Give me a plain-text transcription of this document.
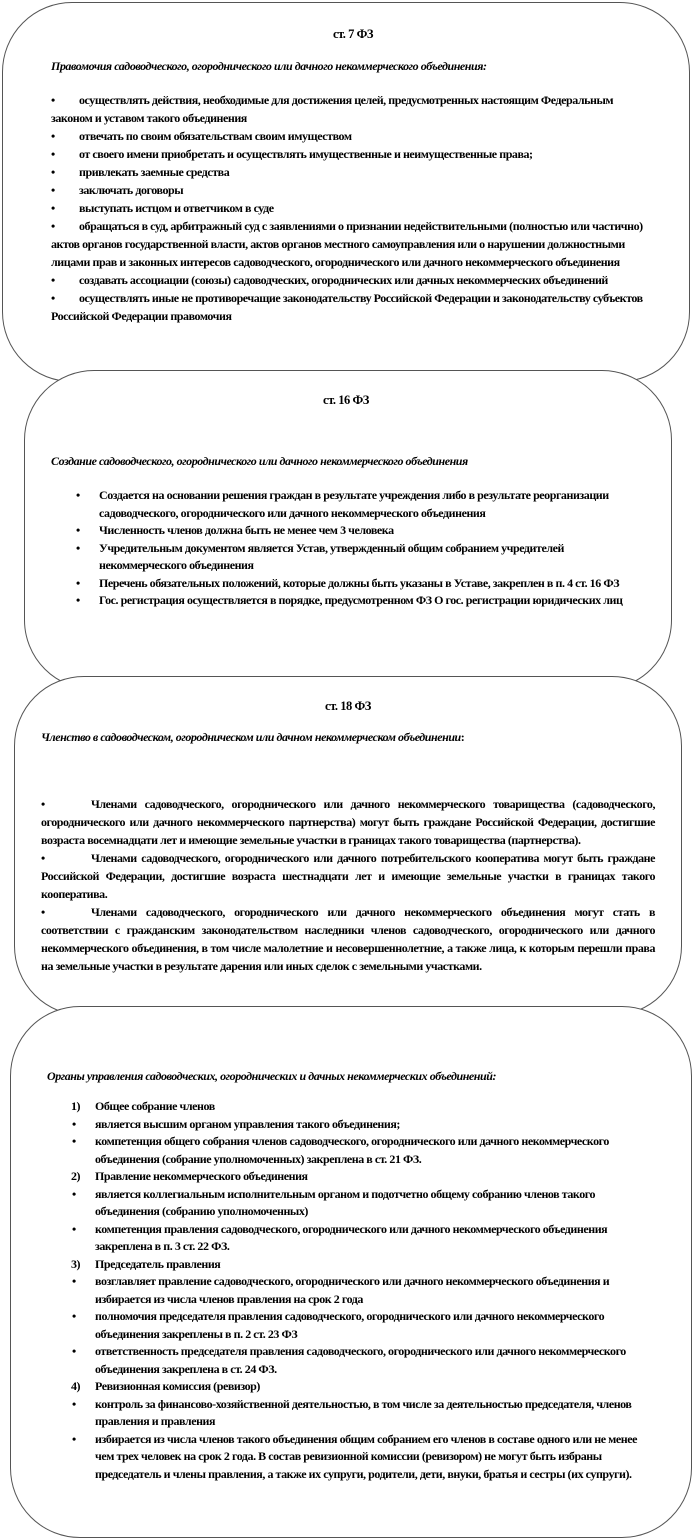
ст. 7 ФЗ

Правомочия садоводческого, огороднического или дачного некоммерческого объединения:

• осуществлять действия, необходимые для достижения целей, предусмотренных настоящим Федеральным законом и уставом такого объединения
• отвечать по своим обязательствам своим имуществом
• от своего имени приобретать и осуществлять имущественные и неимущественные права;
• привлекать заемные средства
• заключать договоры
• выступать истцом и ответчиком в суде
• обращаться в суд, арбитражный суд с заявлениями о признании недействительными (полностью или частично) актов органов государственной власти, актов органов местного самоуправления или о нарушении должностными лицами прав и законных интересов садоводческого, огороднического или дачного некоммерческого объединения
• создавать ассоциации (союзы) садоводческих, огороднических или дачных некоммерческих объединений
• осуществлять иные не противоречащие законодательству Российской Федерации и законодательству субъектов Российской Федерации правомочия

ст. 16 ФЗ

Создание садоводческого, огороднического или дачного некоммерческого объединения

• Создается на основании решения граждан в результате учреждения либо в результате реорганизации садоводческого, огороднического или дачного некоммерческого объединения
• Численность членов должна быть не менее чем 3 человека
• Учредительным документом является Устав, утвержденный общим собранием учредителей некоммерческого объединения
• Перечень обязательных положений, которые должны быть указаны в Уставе, закреплен в п. 4 ст. 16 ФЗ
• Гос. регистрация осуществляется в порядке, предусмотренном ФЗ О гос. регистрации юридических лиц

ст. 18 ФЗ

Членство в садоводческом, огородническом или дачном некоммерческом объединении:

•	Членами садоводческого, огороднического или дачного некоммерческого товарищества (садоводческого, огороднического или дачного некоммерческого партнерства) могут быть граждане Российской Федерации, достигшие возраста восемнадцати лет и имеющие земельные участки в границах такого товарищества (партнерства).
•	Членами садоводческого, огороднического или дачного потребительского кооператива могут быть граждане Российской Федерации, достигшие возраста шестнадцати лет и имеющие земельные участки в границах такого кооператива.
•	Членами садоводческого, огороднического или дачного некоммерческого объединения могут стать в соответствии с гражданским законодательством наследники членов садоводческого, огороднического или дачного некоммерческого объединения, в том числе малолетние и несовершеннолетние, а также лица, к которым перешли права на земельные участки в результате дарения или иных сделок с земельными участками.

Органы управления садоводческих, огороднических и дачных некоммерческих объединений:

1) Общее собрание членов
• является высшим органом управления такого объединения;
• компетенция общего собрания членов садоводческого, огороднического или дачного некоммерческого объединения (собрание уполномоченных) закреплена в ст. 21 ФЗ.
2) Правление некоммерческого объединения
• является коллегиальным исполнительным органом и подотчетно общему собранию членов такого объединения (собранию уполномоченных)
• компетенция правления садоводческого, огороднического или дачного некоммерческого объединения закреплена в п. 3 ст. 22 ФЗ.
3) Председатель правления
• возглавляет правление садоводческого, огороднического или дачного некоммерческого объединения и избирается из числа членов правления на срок 2 года
• полномочия председателя правления садоводческого, огороднического или дачного некоммерческого объединения закреплены в п. 2 ст. 23 ФЗ
• ответственность председателя правления садоводческого, огороднического или дачного некоммерческого объединения закреплена в ст. 24 ФЗ.
4) Ревизионная комиссия (ревизор)
• контроль за финансово-хозяйственной деятельностью, в том числе за деятельностью председателя, членов правления и правления
• избирается из числа членов такого объединения общим собранием его членов в составе одного или не менее чем трех человек на срок 2 года. В состав ревизионной комиссии (ревизором) не могут быть избраны председатель и члены правления, а также их супруги, родители, дети, внуки, братья и сестры (их супруги).
